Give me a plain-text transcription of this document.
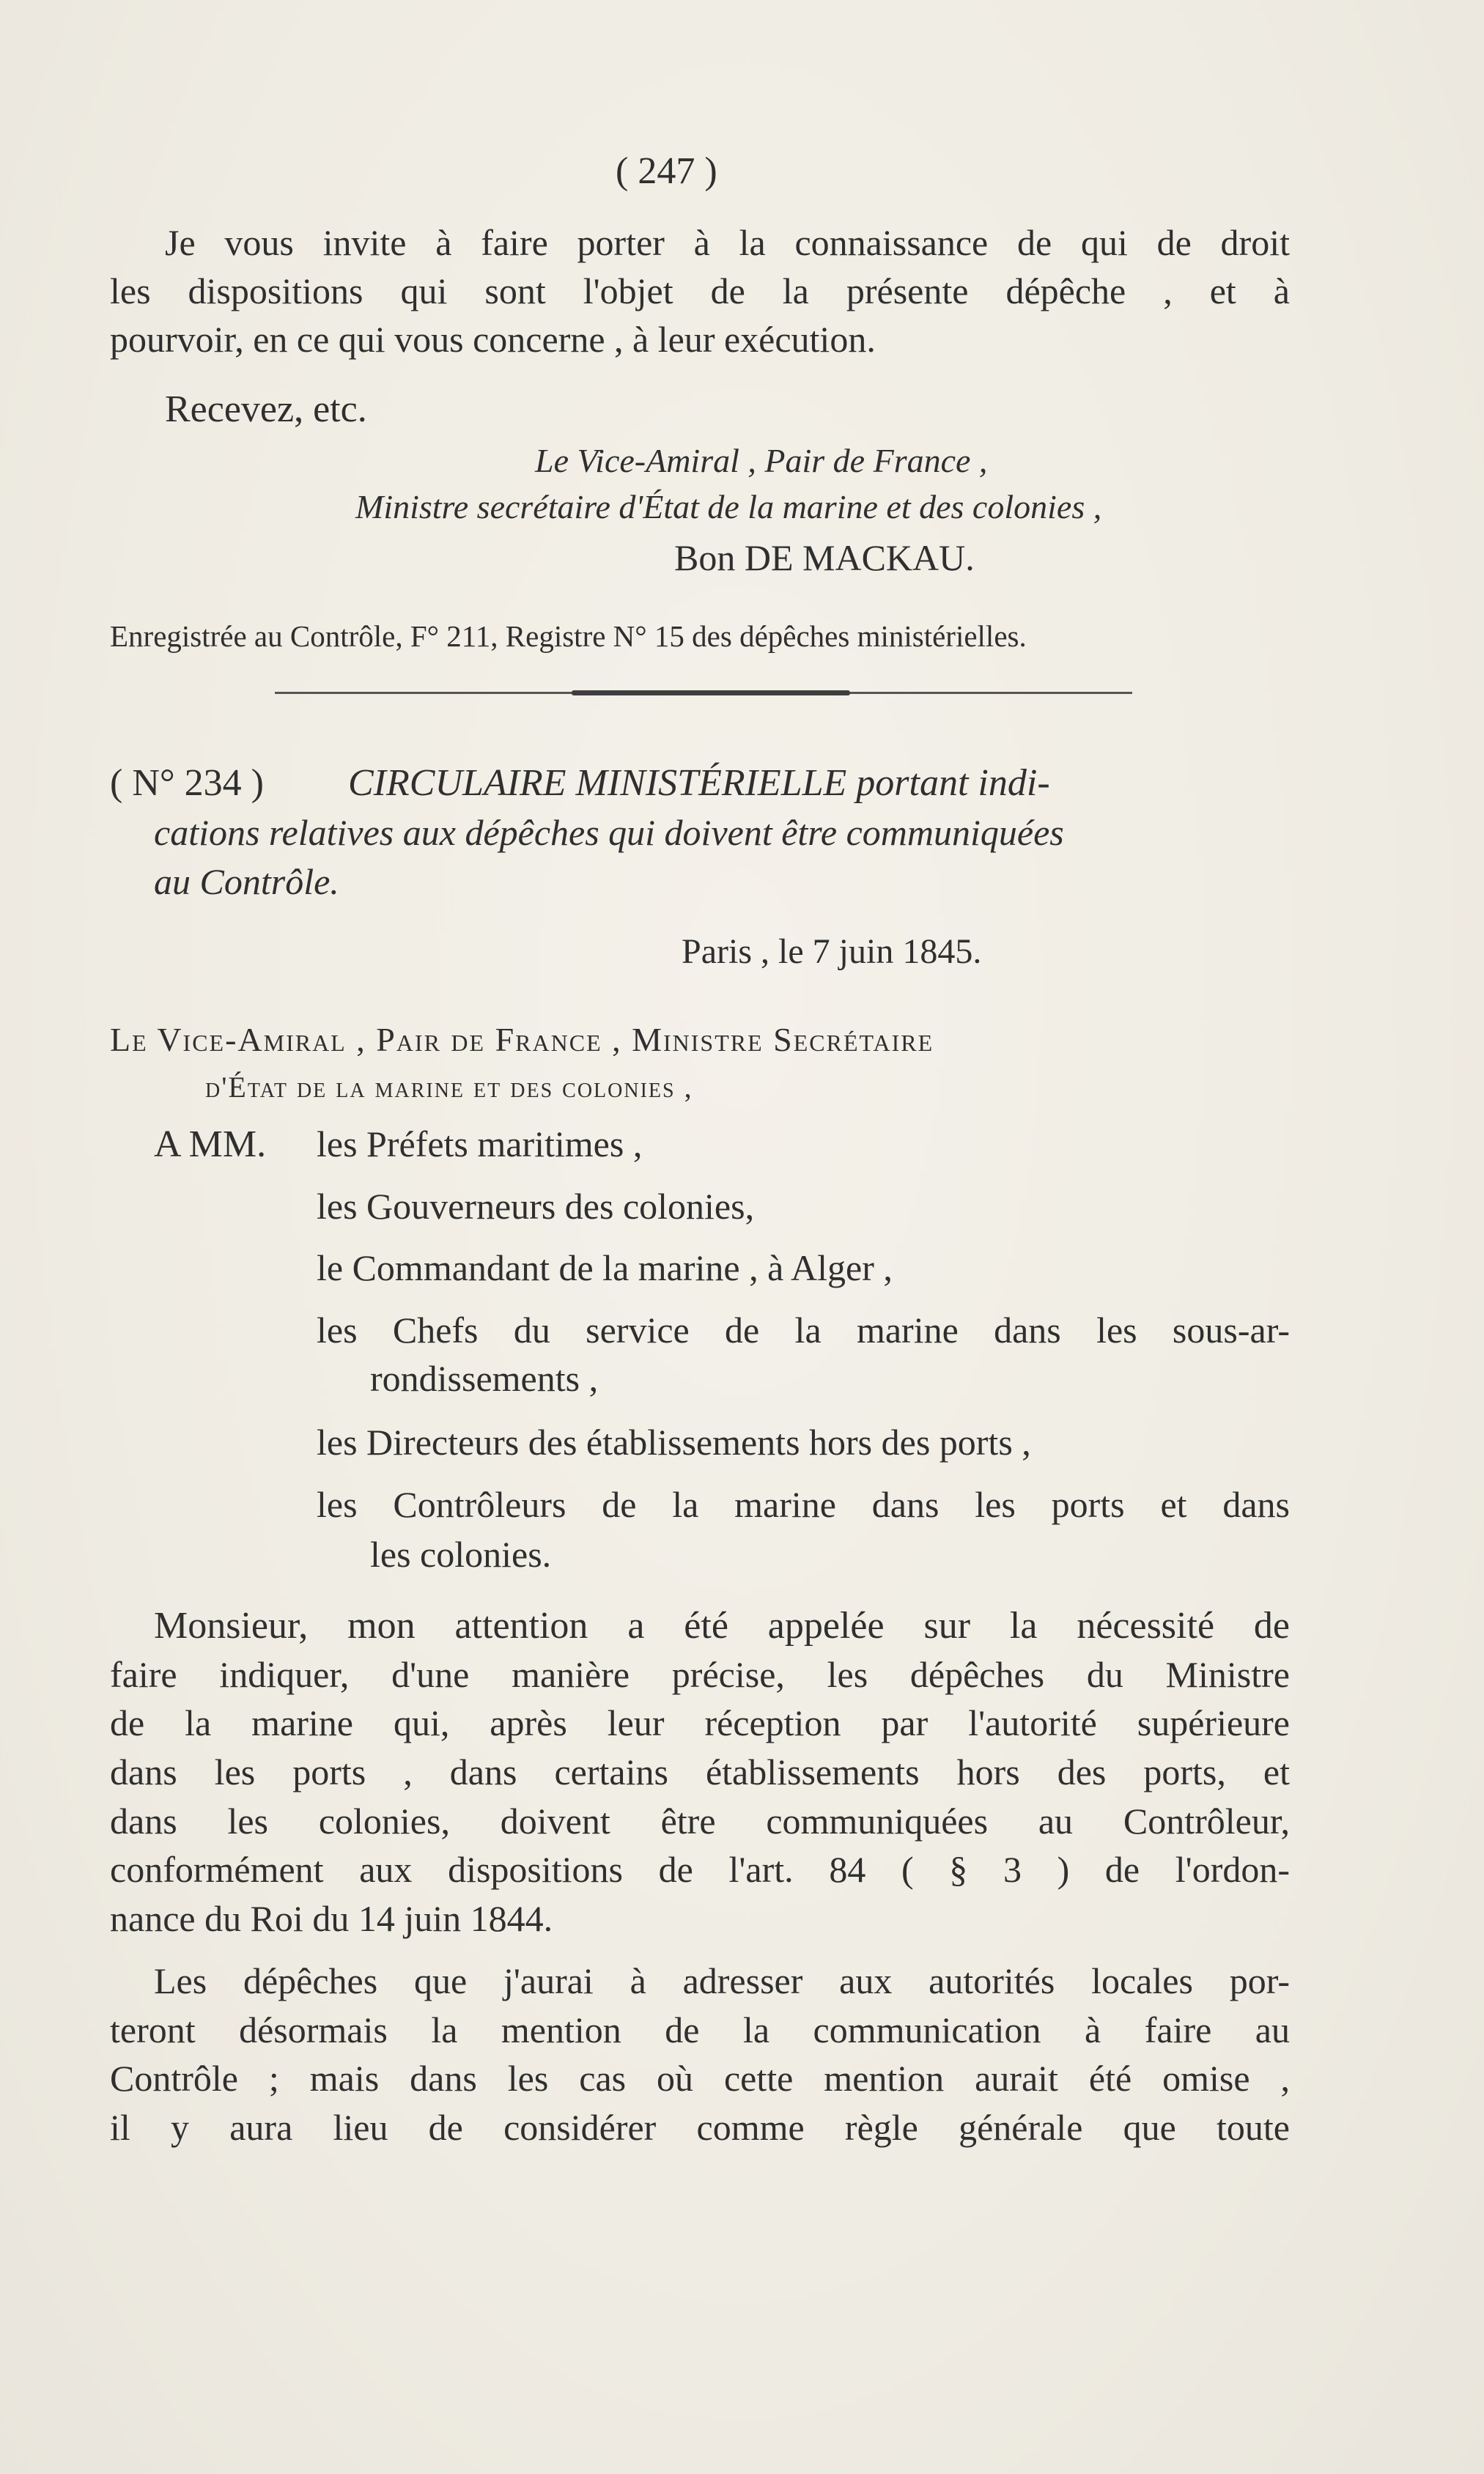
( 247 )
Je vous invite à faire porter à la connaissance de qui de droit
les dispositions qui sont l'objet de la présente dépêche , et à
pourvoir, en ce qui vous concerne , à leur exécution.
Recevez, etc.
Le Vice-Amiral , Pair de France ,
Ministre secrétaire d'État de la marine et des colonies ,
Bon DE MACKAU.
Enregistrée au Contrôle, F° 211, Registre N° 15 des dépêches ministérielles.
( N° 234 ) CIRCULAIRE MINISTÉRIELLE portant indi-
cations relatives aux dépêches qui doivent être communiquées
au Contrôle.
Paris , le 7 juin 1845.
Le Vice-Amiral , Pair de France , Ministre Secrétaire
d'État de la marine et des colonies ,
A MM. les Préfets maritimes ,
les Gouverneurs des colonies,
le Commandant de la marine , à Alger ,
les Chefs du service de la marine dans les sous-ar-
rondissements ,
les Directeurs des établissements hors des ports ,
les Contrôleurs de la marine dans les ports et dans
les colonies.
Monsieur, mon attention a été appelée sur la nécessité de
faire indiquer, d'une manière précise, les dépêches du Ministre
de la marine qui, après leur réception par l'autorité supérieure
dans les ports , dans certains établissements hors des ports, et
dans les colonies, doivent être communiquées au Contrôleur,
conformément aux dispositions de l'art. 84 ( § 3 ) de l'ordon-
nance du Roi du 14 juin 1844.
Les dépêches que j'aurai à adresser aux autorités locales por-
teront désormais la mention de la communication à faire au
Contrôle ; mais dans les cas où cette mention aurait été omise ,
il y aura lieu de considérer comme règle générale que toute
